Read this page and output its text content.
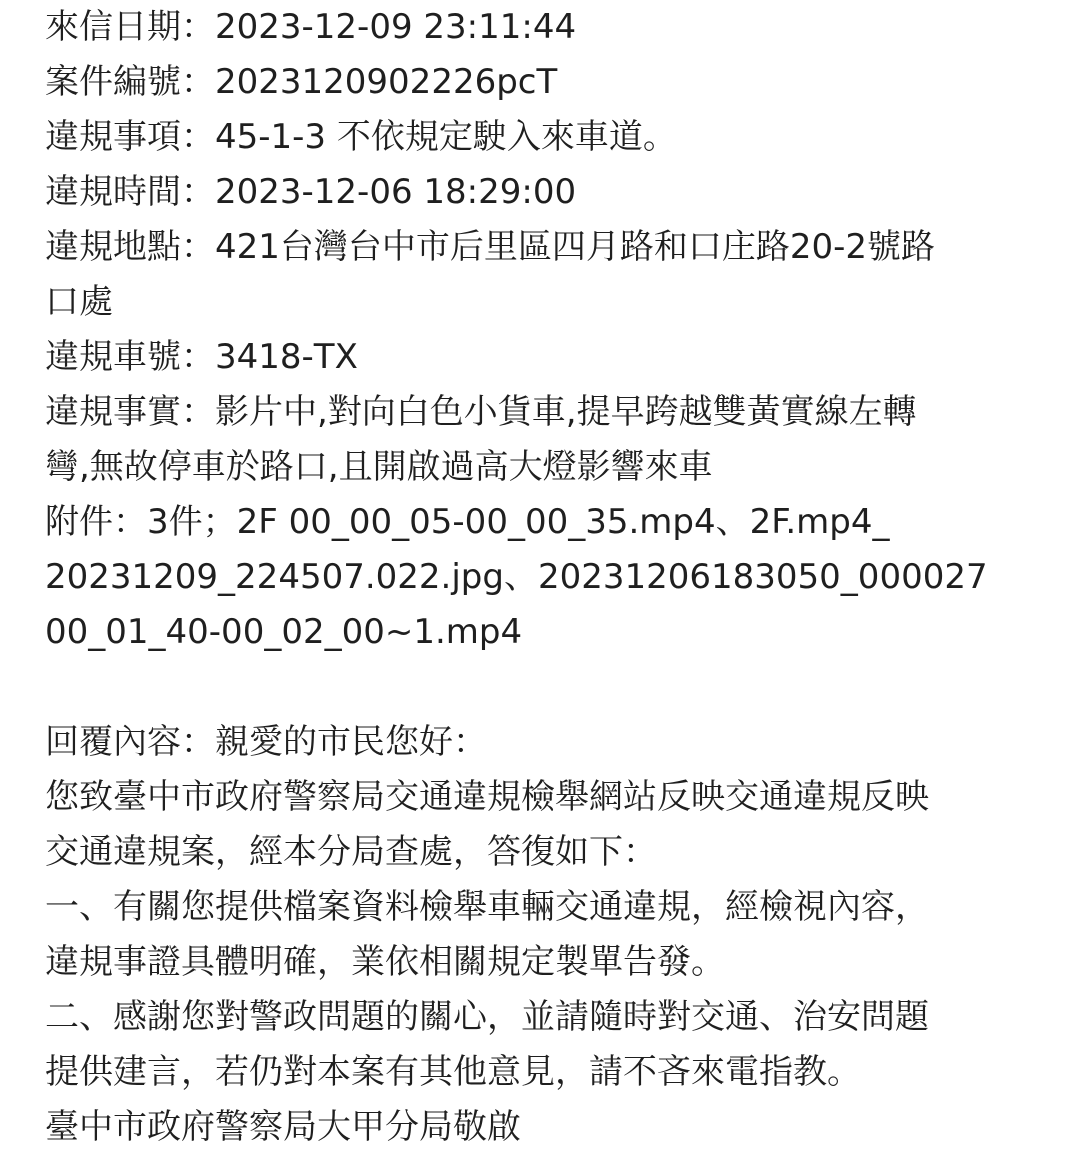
來信日期：2023-12-09 23:11:44
案件編號：2023120902226pcT
違規事項：45-1-3 不依規定駛入來車道。
違規時間：2023-12-06 18:29:00
違規地點：421台灣台中市后里區四月路和口庄路20-2號路
口處
違規車號：3418-TX
違規事實：影片中,對向白色小貨車,提早跨越雙黃實線左轉
彎,無故停車於路口,且開啟過高大燈影響來車
附件：3件；2F 00_00_05-00_00_35.mp4、2F.mp4_
20231209_224507.022.jpg、20231206183050_000027
00_01_40-00_02_00~1.mp4
回覆內容：親愛的市民您好：
您致臺中市政府警察局交通違規檢舉網站反映交通違規反映
交通違規案，經本分局查處，答復如下：
一、有關您提供檔案資料檢舉車輛交通違規，經檢視內容，
違規事證具體明確，業依相關規定製單告發。
二、感謝您對警政問題的關心，並請隨時對交通、治安問題
提供建言，若仍對本案有其他意見，請不吝來電指教。
臺中市政府警察局大甲分局敬啟
